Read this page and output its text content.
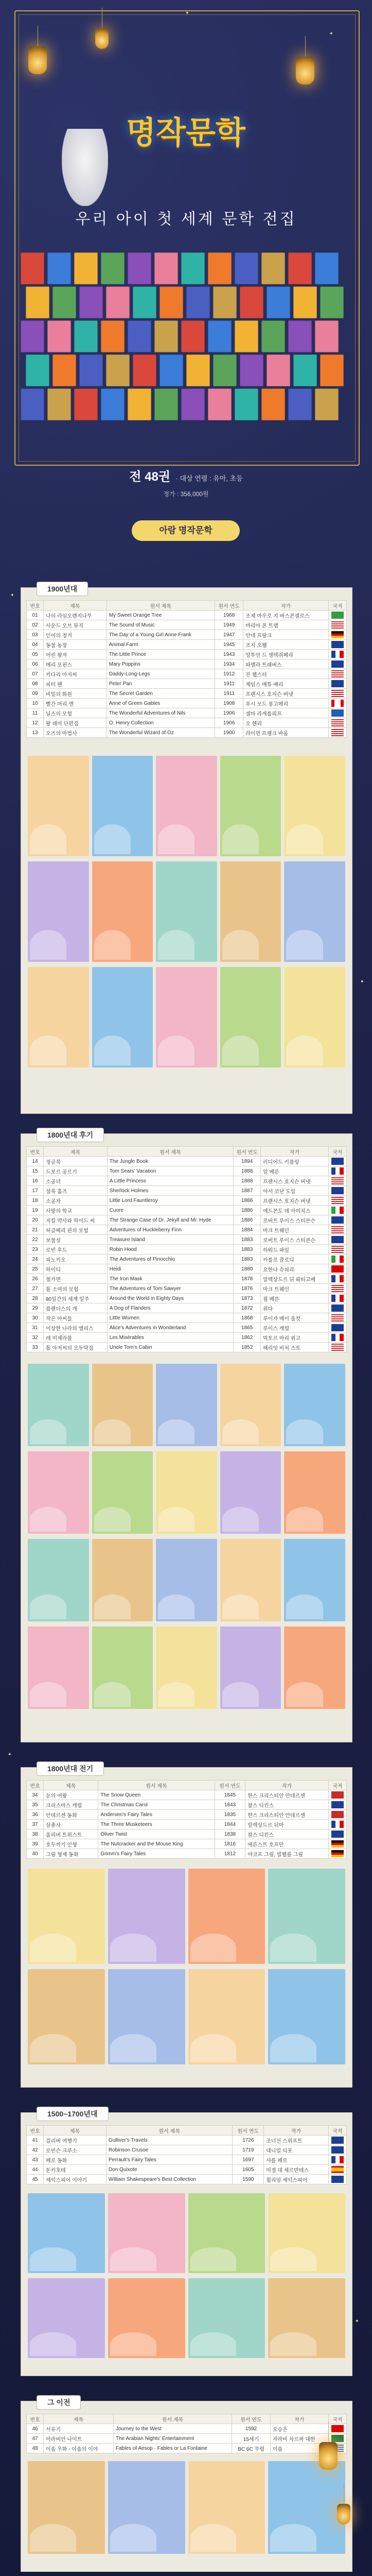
명작문학
우리 아이 첫 세계 문학 전집
전 48권 · 대상 연령 : 유아, 초등
정가 : 356,000원
아람 명작문학
✦
✦
✦
✦
✦
✦
1900년대
번호	제목	원서 제목	원서 연도	작가	국적
01	나의 라임오렌지나무	My Sweet Orange Tree	1968	조제 마우로 지 바스콘셀로스	
02	사운드 오브 뮤직	The Sound of Music	1949	마리아 폰 트랩	
03	인어의 정거	The Day of a Young Girl Anne Frank	1947	안네 프랑크	
04	동물 농장	Animal Farm	1945	조지 오웰	
05	어린 왕자	The Little Prince	1943	앙투안 드 생텍쥐페리	
06	메리 포핀스	Mary Poppins	1934	파멜라 트래버스	
07	키다리 아저씨	Daddy-Long-Legs	1912	진 웹스터	
08	피터 팬	Peter Pan	1911	제임스 매튜 배리	
09	비밀의 화원	The Secret Garden	1911	프랜시스 호지슨 버넷	
10	빨간 머리 앤	Anne of Green Gables	1908	루시 모드 몽고메리	
11	닐스의 모험	The Wonderful Adventures of Nils	1906	셀마 라게를뢰프	
12	왕 레미 단편집	O. Henry Collection	1906	오 헨리	
13	오즈의 마법사	The Wonderful Wizard of Oz	1900	라이먼 프랭크 바움	
1800년대 후기
번호	제목	원서 제목	원서 연도	작가	국적
14	정글북	The Jungle Book	1894	러디어드 키플링	
15	드보르 공르기	Tom Sears' Vacation	1888	알 베른	
16	소공녀	A Little Princess	1888	프랜시스 호지슨 버넷	
17	셜록 홈즈	Sherlock Holmes	1887	아서 코난 도일	
18	소공자	Little Lord Fauntleroy	1886	프랜시스 호지슨 버넷	
19	사랑의 학교	Cuore	1886	에드몬도 데 아미치스	
20	지킬 박사와 하이드 씨	The Strange Case of Dr. Jekyll and Mr. Hyde	1886	로버트 루이스 스티븐슨	
21	허클베리 핀의 모험	Adventures of Huckleberry Finn	1884	마크 트웨인	
22	보물섬	Treasure Island	1883	로버트 루이스 스티븐슨	
23	로빈 후드	Robin Hood	1883	하워드 파일	
24	피노키오	The Adventures of Pinocchio	1883	카를로 콜로디	
25	하이디	Heidi	1880	요한나 슈피리	
26	철가면	The Iron Mask	1878	알렉상드르 뒤 퐈티고베	
27	톰 소여의 모험	The Adventures of Tom Sawyer	1876	마크 트웨인	
28	80일간의 세계 일주	Around the World in Eighty Days	1873	쥘 베른	
29	플랜더스의 개	A Dog of Flanders	1872	위다	
30	작은 아씨들	Little Women	1868	루이자 메이 올컷	
31	이상한 나라의 앨리스	Alice's Adventures in Wonderland	1865	루이스 캐럴	
32	레 미제라블	Les Misérables	1862	빅토르 마리 위고	
33	톰 아저씨의 오두막집	Uncle Tom's Cabin	1852	해리엇 비처 스토	
1800년대 전기
번호	제목	원서 제목	원서 연도	작가	국적
34	눈의 여왕	The Snow Queen	1845	한스 크리스티안 안데르센	
35	크리스마스 캐럴	The Christmas Carol	1843	찰스 디킨스	
36	안데르센 동화	Andersen's Fairy Tales	1835	한스 크리스티안 안데르센	
37	삼총사	The Three Musketeers	1844	알렉상드르 뒤마	
38	올리버 트위스트	Oliver Twist	1838	찰스 디킨스	
39	호두까기 인형	The Nutcracker and the Mouse King	1816	에른스트 호프만	
40	그림 형제 동화	Grimm's Fairy Tales	1812	야코프 그림, 빌헬름 그림	
1500~1700년대
번호	제목	원서 제목	원서 연도	작가	국적
41	걸리버 여행기	Gulliver's Travels	1726	조너선 스위프트	
42	로빈슨 크루소	Robinson Crusoe	1719	대니얼 디포	
43	페로 동화	Perrault's Fairy Tales	1697	샤를 페로	
44	돈키호테	Don Quixote	1605	미겔 데 세르반테스	
45	셰익스피어 이야기	William Shakespeare's Best Collection	1590	윌리엄 셰익스피어	
그 이전
번호	제목	원서 제목	원서 연도	작가	국적
46	서유기	Journey to the West	1592	오승은	
47	아라비안 나이트	The Arabian Nights' Entertainment	15세기	자라비 차르퍼 대한	
48	이솝 우화 - 이솝의 이야	Fables of Aesop · Fables or La Fontaine	BC 6C 무렵	이솝	
